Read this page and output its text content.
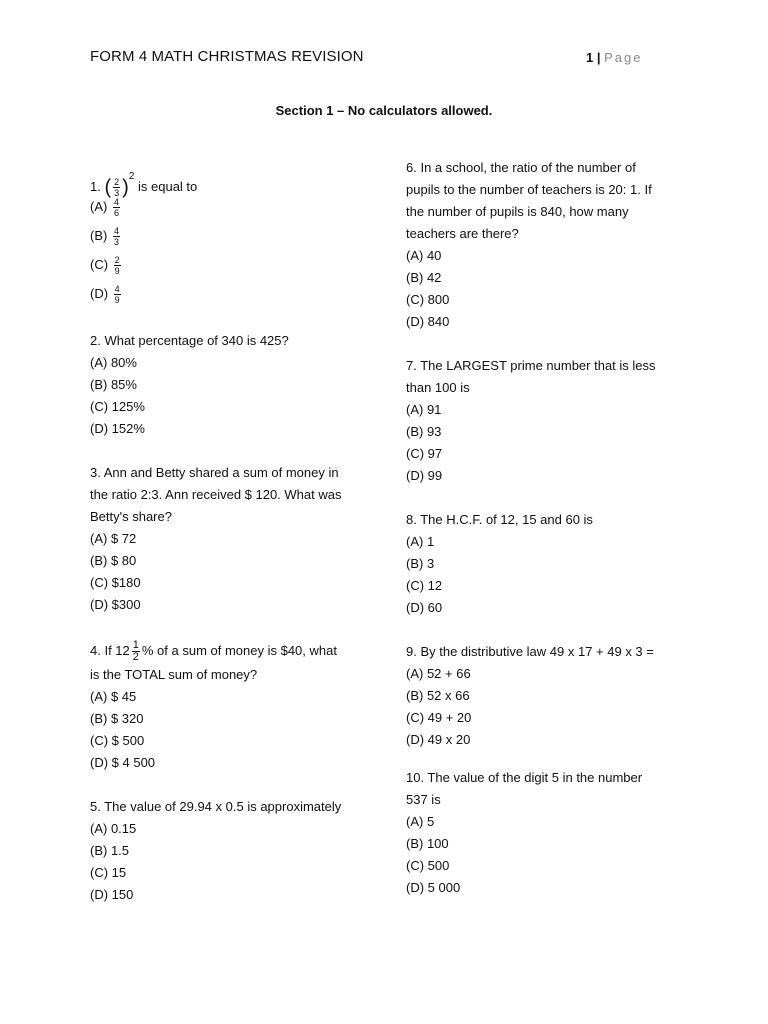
FORM 4 MATH CHRISTMAS REVISION	1 | Page
Section 1 – No calculators allowed.
1. ( $\frac{2}{3} )^2$ is equal to
$(A) \frac{4}{6}$
$(B) \frac{4}{3}$
$(C) \frac{2}{9}$
$(D) \frac{4}{9}$
2. What percentage of 340 is 425?
(A) 80%
(B) 85%
(C) 125%
(D) 152%
3. Ann and Betty shared a sum of money in
the ratio 2:3. Ann received $ 120. What was
Betty's share?
(A) $ 72
(B) $ 80
(C) $180
(D) $300
4. If $12 \frac{1}{2}$ % of a sum of money is $40, what
is the TOTAL sum of money?
(A) $ 45
(B) $ 320
(C) $ 500
(D) $ 4 500
5. The value of 29.94 x 0.5 is approximately
(A) 0.15
(B) 1.5
(C) 15
(D) 150
6. In a school, the ratio of the number of
pupils to the number of teachers is 20: 1. If
the number of pupils is 840, how many
teachers are there?
(A) 40
(B) 42
(C) 800
(D) 840
7. The LARGEST prime number that is less
than 100 is
(A) 91
(B) 93
(C) 97
(D) 99
8. The H.C.F. of 12, 15 and 60 is
(A) 1
(B) 3
(C) 12
(D) 60
9. By the distributive law 49 x 17 + 49 x 3 =
(A) 52 + 66
(B) 52 x 66
(C) 49 + 20
(D) 49 x 20
10. The value of the digit 5 in the number
537 is
(A) 5
(B) 100
(C) 500
(D) 5 000
